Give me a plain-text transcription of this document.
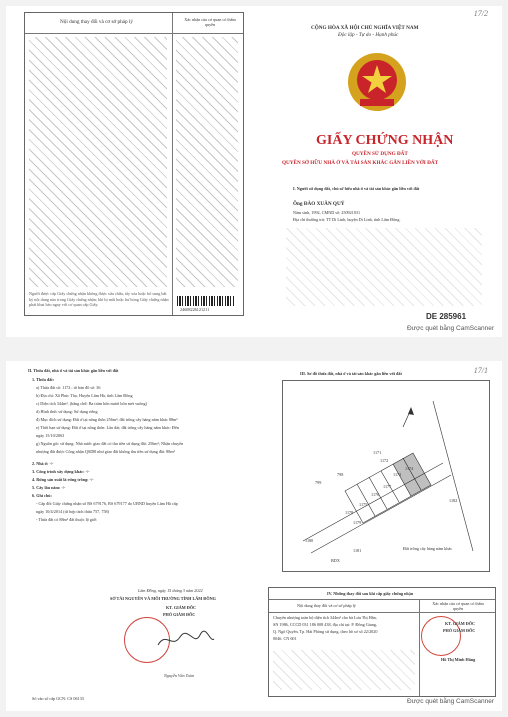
17/2
Nội dung thay đổi và cơ sở pháp lý	Xác nhận của cơ quan có thẩm quyền
Người được cấp Giấy chứng nhận không được sửa chữa, tẩy xóa hoặc bổ sung bất kỳ nội dung nào trong Giấy chứng nhận; khi bị mất hoặc hư hỏng Giấy chứng nhận phải khai báo ngay với cơ quan cấp Giấy.
24608226121211
CỘNG HÒA XÃ HỘI CHỦ NGHĨA VIỆT NAM
Độc lập - Tự do - Hạnh phúc
GIẤY CHỨNG NHẬN
QUYỀN SỬ DỤNG ĐẤT
QUYỀN SỞ HỮU NHÀ Ở VÀ TÀI SẢN KHÁC GẮN LIỀN VỚI ĐẤT
I. Người sử dụng đất, chủ sở hữu nhà ở và tài sản khác gắn liền với đất
Ông ĐÀO XUÂN QUÝ
Năm sinh, 1992, CMND số: 250921031
Địa chỉ thường trú: TT Di Linh, huyện Di Linh, tỉnh Lâm Đồng.
DE 285961
Được quét bằng CamScanner
17/1
II. Thửa đất, nhà ở và tài sản khác gắn liền với đất
1. Thửa đất:
a) Thửa đất số: 1172 ; tờ bản đồ số: 36
b) Địa chỉ: Xã Phúc Thọ, Huyện Lâm Hà, tỉnh Lâm Đồng
c) Diện tích 344m², (bằng chữ: Ba trăm bốn mươi bốn mét vuông)
d) Hình thức sử dụng: Sử dụng riêng
đ) Mục đích sử dụng: Đất ở tại nông thôn 256m²; đất trồng cây hàng năm khác 88m²
e) Thời hạn sử dụng: Đất ở tại nông thôn: Lâu dài; đất trồng cây hàng năm khác: Đến
ngày 15/10/2063
g) Nguồn gốc sử dụng: Nhà nước giao đất có thu tiền sử dụng đất: 256m²; Nhận chuyển
nhượng đất được Công nhận QSDĐ như giao đất không thu tiền sử dụng đất: 88m²
2. Nhà ở: -/-
3. Công trình xây dựng khác: -/-
4. Rừng sản xuất là rừng trồng: -/-
5. Cây lâu năm: -/-
6. Ghi chú:
- Cấp đổi Giấy chứng nhận số BS 679176, BS 679177 do UBND huyện Lâm Hà cấp
ngày 10/4/2014 (từ hợp tách thửa 757, 758)
- Thửa đất có 88m² đất thuộc lộ giới
Lâm Đồng, ngày 15 tháng 3 năm 2022
SỞ TÀI NGUYÊN VÀ MÔI TRƯỜNG TỈNH LÂM ĐỒNG
KT. GIÁM ĐỐC
PHÓ GIÁM ĐỐC
Nguyễn Văn Toàn
Số vào sổ cấp GCN: CS 06133
III. Sơ đồ thửa đất, nhà ở và tài sản khác gắn liền với đất
1172
1171
1173
1174
1175
1176
1177
1178
1179
1180
1181
1182
798
799
BDX
Đất trồng cây hàng năm khác
IV. Những thay đổi sau khi cấp giấy chứng nhận
Nội dung thay đổi và cơ sở pháp lý	Xác nhận của cơ quan có thẩm quyền
Chuyển nhượng toàn bộ diện tích 344m² cho bà Lưu Thị Hân,
SN 1986, CCCD 031 186 008 438, địa chỉ tại: P. Đông Giang,
Q. Ngô Quyền, Tp. Hải Phòng sử dụng, theo hồ sơ số 22/2020
0046. CN 601
KT. GIÁM ĐỐC
PHÓ GIÁM ĐỐC
Hồ Thị Minh Hằng
Được quét bằng CamScanner
